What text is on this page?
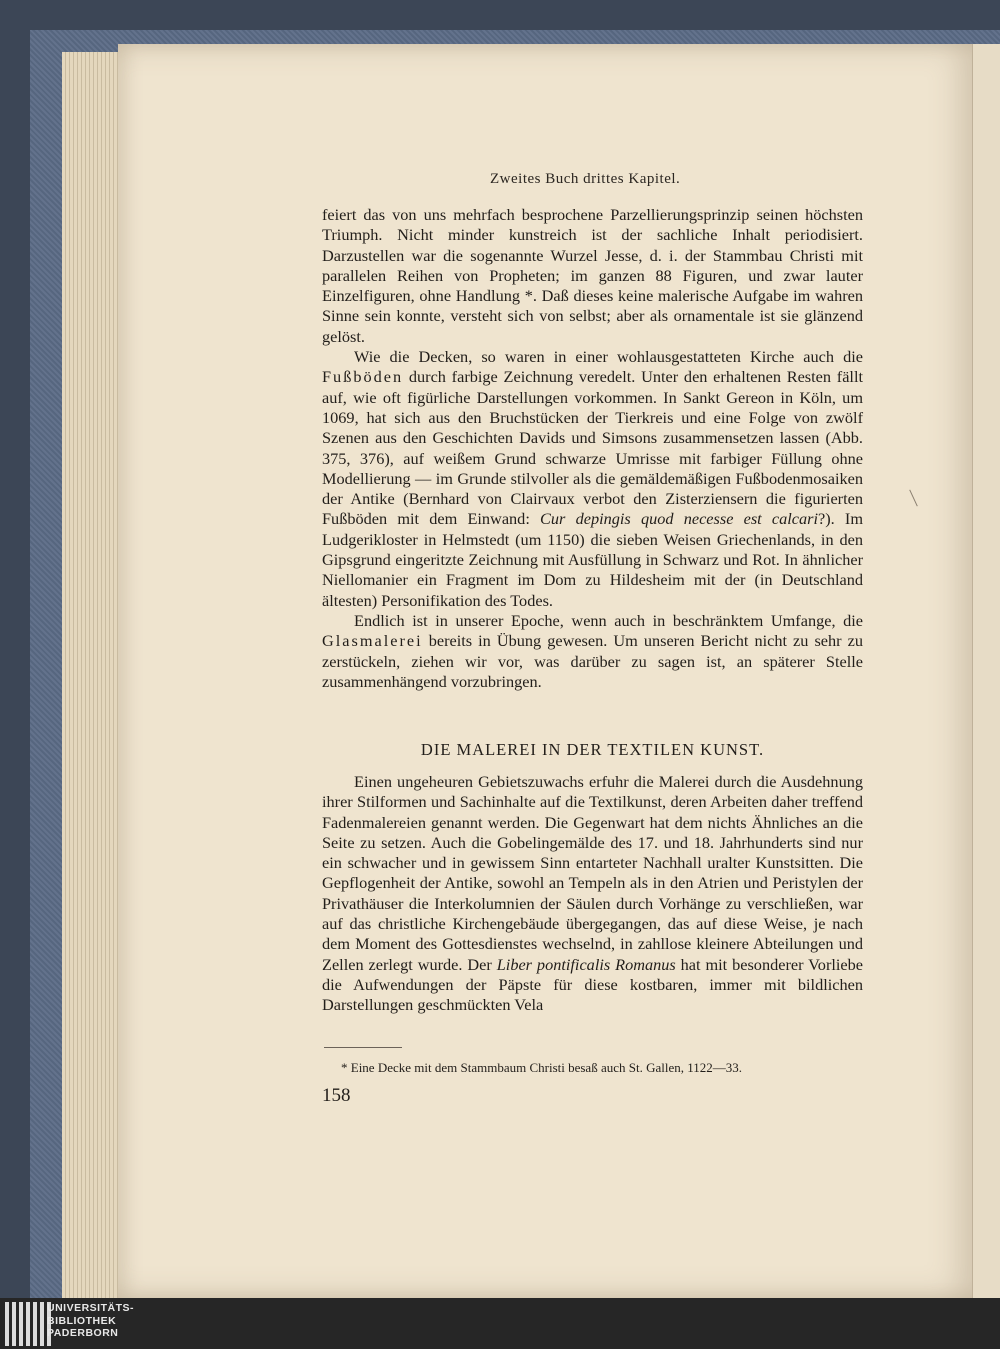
Zweites Buch drittes Kapitel.

feiert das von uns mehrfach besprochene Parzellierungsprinzip seinen höchsten Triumph. Nicht minder kunstreich ist der sachliche Inhalt periodisiert. Darzustellen war die sogenannte Wurzel Jesse, d. i. der Stammbau Christi mit parallelen Reihen von Propheten; im ganzen 88 Figuren, und zwar lauter Einzelfiguren, ohne Handlung *. Daß dieses keine malerische Aufgabe im wahren Sinne sein konnte, versteht sich von selbst; aber als ornamentale ist sie glänzend gelöst.

Wie die Decken, so waren in einer wohlausgestatteten Kirche auch die Fußböden durch farbige Zeichnung veredelt. Unter den erhaltenen Resten fällt auf, wie oft figürliche Darstellungen vorkommen. In Sankt Gereon in Köln, um 1069, hat sich aus den Bruchstücken der Tierkreis und eine Folge von zwölf Szenen aus den Geschichten Davids und Simsons zusammensetzen lassen (Abb. 375, 376), auf weißem Grund schwarze Umrisse mit farbiger Füllung ohne Modellierung — im Grunde stilvoller als die gemäldemäßigen Fußbodenmosaiken der Antike (Bernhard von Clairvaux verbot den Zisterziensern die figurierten Fußböden mit dem Einwand: Cur depingis quod necesse est calcari?). Im Ludgerikloster in Helmstedt (um 1150) die sieben Weisen Griechenlands, in den Gipsgrund eingeritzte Zeichnung mit Ausfüllung in Schwarz und Rot. In ähnlicher Niellomanier ein Fragment im Dom zu Hildesheim mit der (in Deutschland ältesten) Personifikation des Todes.

Endlich ist in unserer Epoche, wenn auch in beschränktem Umfange, die Glasmalerei bereits in Übung gewesen. Um unseren Bericht nicht zu sehr zu zerstückeln, ziehen wir vor, was darüber zu sagen ist, an späterer Stelle zusammenhängend vorzubringen.

DIE MALEREI IN DER TEXTILEN KUNST.

Einen ungeheuren Gebietszuwachs erfuhr die Malerei durch die Ausdehnung ihrer Stilformen und Sachinhalte auf die Textilkunst, deren Arbeiten daher treffend Fadenmalereien genannt werden. Die Gegenwart hat dem nichts Ähnliches an die Seite zu setzen. Auch die Gobelingemälde des 17. und 18. Jahrhunderts sind nur ein schwacher und in gewissem Sinn entarteter Nachhall uralter Kunstsitten. Die Gepflogenheit der Antike, sowohl an Tempeln als in den Atrien und Peristylen der Privathäuser die Interkolumnien der Säulen durch Vorhänge zu verschließen, war auf das christliche Kirchengebäude übergegangen, das auf diese Weise, je nach dem Moment des Gottesdienstes wechselnd, in zahllose kleinere Abteilungen und Zellen zerlegt wurde. Der Liber pontificalis Romanus hat mit besonderer Vorliebe die Aufwendungen der Päpste für diese kostbaren, immer mit bildlichen Darstellungen geschmückten Vela

* Eine Decke mit dem Stammbaum Christi besaß auch St. Gallen, 1122—33.
158
UNIVERSITÄTS-
BIBLIOTHEK
PADERBORN
